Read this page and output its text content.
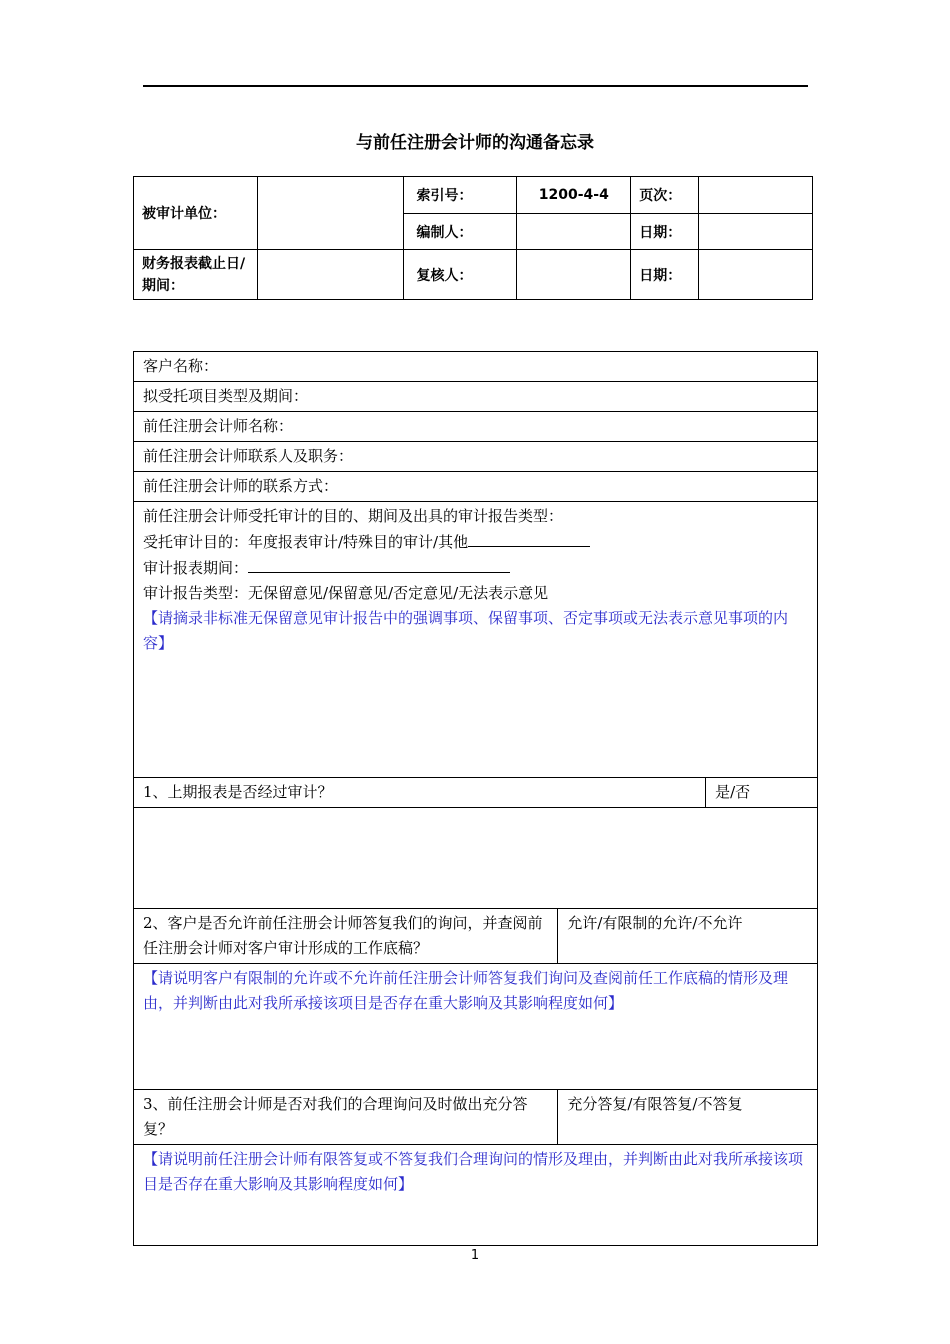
与前任注册会计师的沟通备忘录
被审计单位：		索引号：	1200-4-4	页次：	
		编制人：		日期：	
财务报表截止日/期间：		复核人：		日期：	
客户名称：		
拟受托项目类型及期间：		
前任注册会计师名称：		
前任注册会计师联系人及职务：		
前任注册会计师的联系方式：		

前任注册会计师受托审计的目的、期间及出具的审计报告类型：
受托审计目的：年度报表审计/特殊目的审计/其他
审计报表期间：
审计报告类型：无保留意见/保留意见/否定意见/无法表示意见
【请摘录非标准无保留意见审计报告中的强调事项、保留事项、否定事项或无法表示意见事项的内容】		

1、上期报表是否经过审计？		是/否

2、客户是否允许前任注册会计师答复我们的询问，并查阅前任注册会计师对客户审计形成的工作底稿？	允许/有限制的允许/不允许	
【请说明客户有限制的允许或不允许前任注册会计师答复我们询问及查阅前任工作底稿的情形及理由，并判断由此对我所承接该项目是否存在重大影响及其影响程度如何】		
3、前任注册会计师是否对我们的合理询问及时做出充分答复？	充分答复/有限答复/不答复	
【请说明前任注册会计师有限答复或不答复我们合理询问的情形及理由，并判断由此对我所承接该项目是否存在重大影响及其影响程度如何】		
1
